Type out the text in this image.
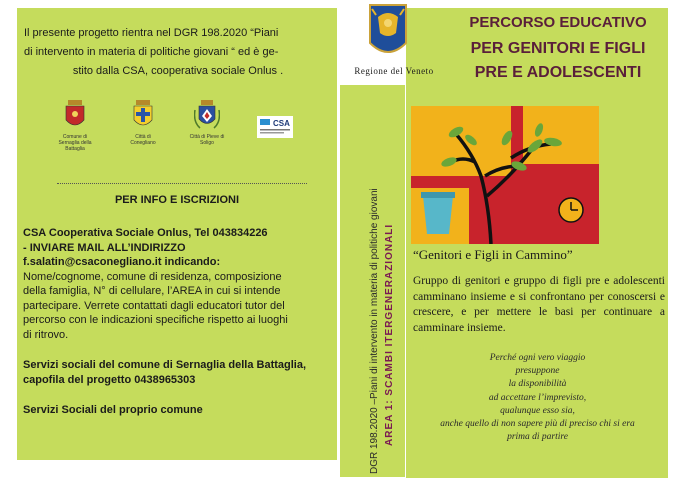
Il presente progetto rientra nel DGR 198.2020 “Piani
di intervento in materia di politiche giovani “ ed è ge-
stito dalla CSA, cooperativa sociale Onlus .
Comune di Sernaglia della Battaglia
Città di Conegliano
Città di Pieve di Soligo
CSA
PER INFO E ISCRIZIONI
CSA Cooperativa Sociale Onlus, Tel 043834226
- INVIARE MAIL ALL’INDIRIZZO
f.salatin@csaconegliano.it indicando:
Nome/cognome, comune di residenza, composizione
della famiglia, N° di cellulare, l’AREA in cui si intende
partecipare. Verrete contattati dagli educatori tutor del
percorso con le indicazioni specifiche rispetto ai luoghi
di ritrovo.
Servizi sociali del comune di Sernaglia della Battaglia,
capofila del progetto 0438965303
Servizi Sociali del proprio comune	DGR 198.2020 –Piani di intervento in materia di politiche giovani AREA 1: SCAMBI ITERGENERAZIONALI
Regione del Veneto
PERCORSO EDUCATIVO
PER GENITORI E FIGLI
PRE E ADOLESCENTI
“Genitori e Figli in Cammino”
Gruppo di genitori e gruppo di figli pre e adolescenti camminano insieme e si confrontano per conoscersi e crescere, e per mettere le basi per continuare a camminare insieme.
Perché ogni vero viaggio
presuppone
la disponibilità
ad accettare l’imprevisto,
qualunque esso sia,
anche quello di non sapere più di preciso chi si era
prima di partire
